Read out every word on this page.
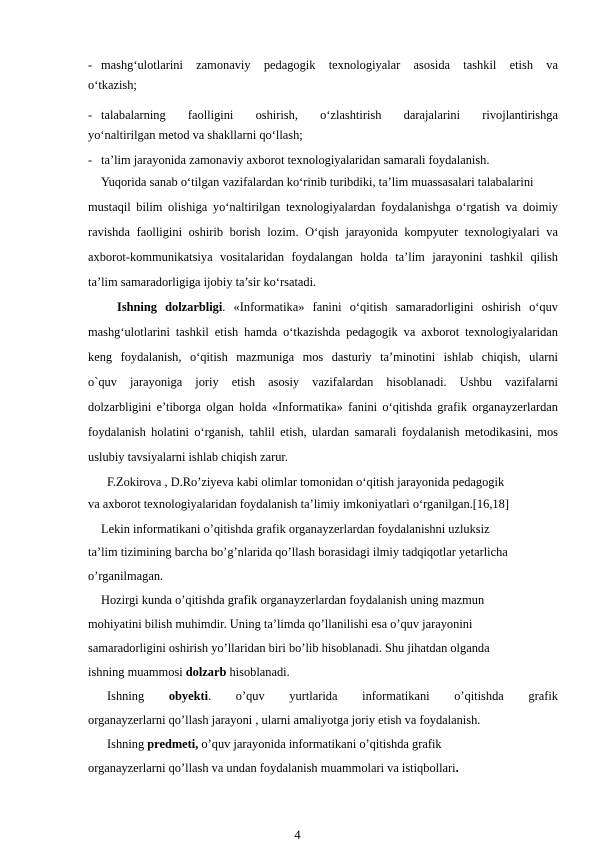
- mashg‘ulotlarini zamonaviy pedagogik texnologiyalar asosida tashkil etish va
o‘tkazish;
- talabalarning faolligini oshirish, o‘zlashtirish darajalarini rivojlantirishga
yo‘naltirilgan metod va shakllarni qo‘llash;
- ta’lim jarayonida zamonaviy axborot texnologiyalaridan samarali foydalanish.
Yuqorida sanab o‘tilgan vazifalardan ko‘rinib turibdiki, ta’lim muassasalari talabalarini
mustaqil bilim olishiga yo‘naltirilgan texnologiyalardan foydalanishga o‘rgatish va doimiy
ravishda faolligini oshirib borish lozim. O‘qish jarayonida kompyuter texnologiyalari va
axborot-kommunikatsiya vositalaridan foydalangan holda ta’lim jarayonini tashkil qilish
ta’lim samaradorligiga ijobiy ta’sir ko‘rsatadi.
Ishning dolzarbligi. «Informatika» fanini o‘qitish samaradorligini oshirish o‘quv
mashg‘ulotlarini tashkil etish hamda o‘tkazishda pedagogik va axborot texnologiyalaridan
keng foydalanish, o‘qitish mazmuniga mos dasturiy ta’minotini ishlab chiqish, ularni
o`quv jarayoniga joriy etish asosiy vazifalardan hisoblanadi. Ushbu vazifalarni
dolzarbligini e’tiborga olgan holda «Informatika» fanini o‘qitishda grafik organayzerlardan
foydalanish holatini o‘rganish, tahlil etish, ulardan samarali foydalanish metodikasini, mos
uslubiy tavsiyalarni ishlab chiqish zarur.
F.Zokirova , D.Ro’ziyeva kabi olimlar tomonidan o‘qitish jarayonida pedagogik
va axborot texnologiyalaridan foydalanish ta’limiy imkoniyatlari o‘rganilgan.[16,18]
Lekin informatikani o’qitishda grafik organayzerlardan foydalanishni uzluksiz
ta’lim tizimining barcha bo’g’nlarida qo’llash borasidagi ilmiy tadqiqotlar yetarlicha
o’rganilmagan.
Hozirgi kunda o’qitishda grafik organayzerlardan foydalanish uning mazmun
mohiyatini bilish muhimdir. Uning ta’limda qo’llanilishi esa o’quv jarayonini
samaradorligini oshirish yo’llaridan biri bo’lib hisoblanadi. Shu jihatdan olganda
ishning muammosi dolzarb hisoblanadi.
Ishning obyekti. o’quv yurtlarida informatikani o’qitishda grafik
organayzerlarni qo’llash jarayoni , ularni amaliyotga joriy etish va foydalanish.
Ishning predmeti, o’quv jarayonida informatikani o’qitishda grafik
organayzerlarni qo’llash va undan foydalanish muammolari va istiqbollari.
4
